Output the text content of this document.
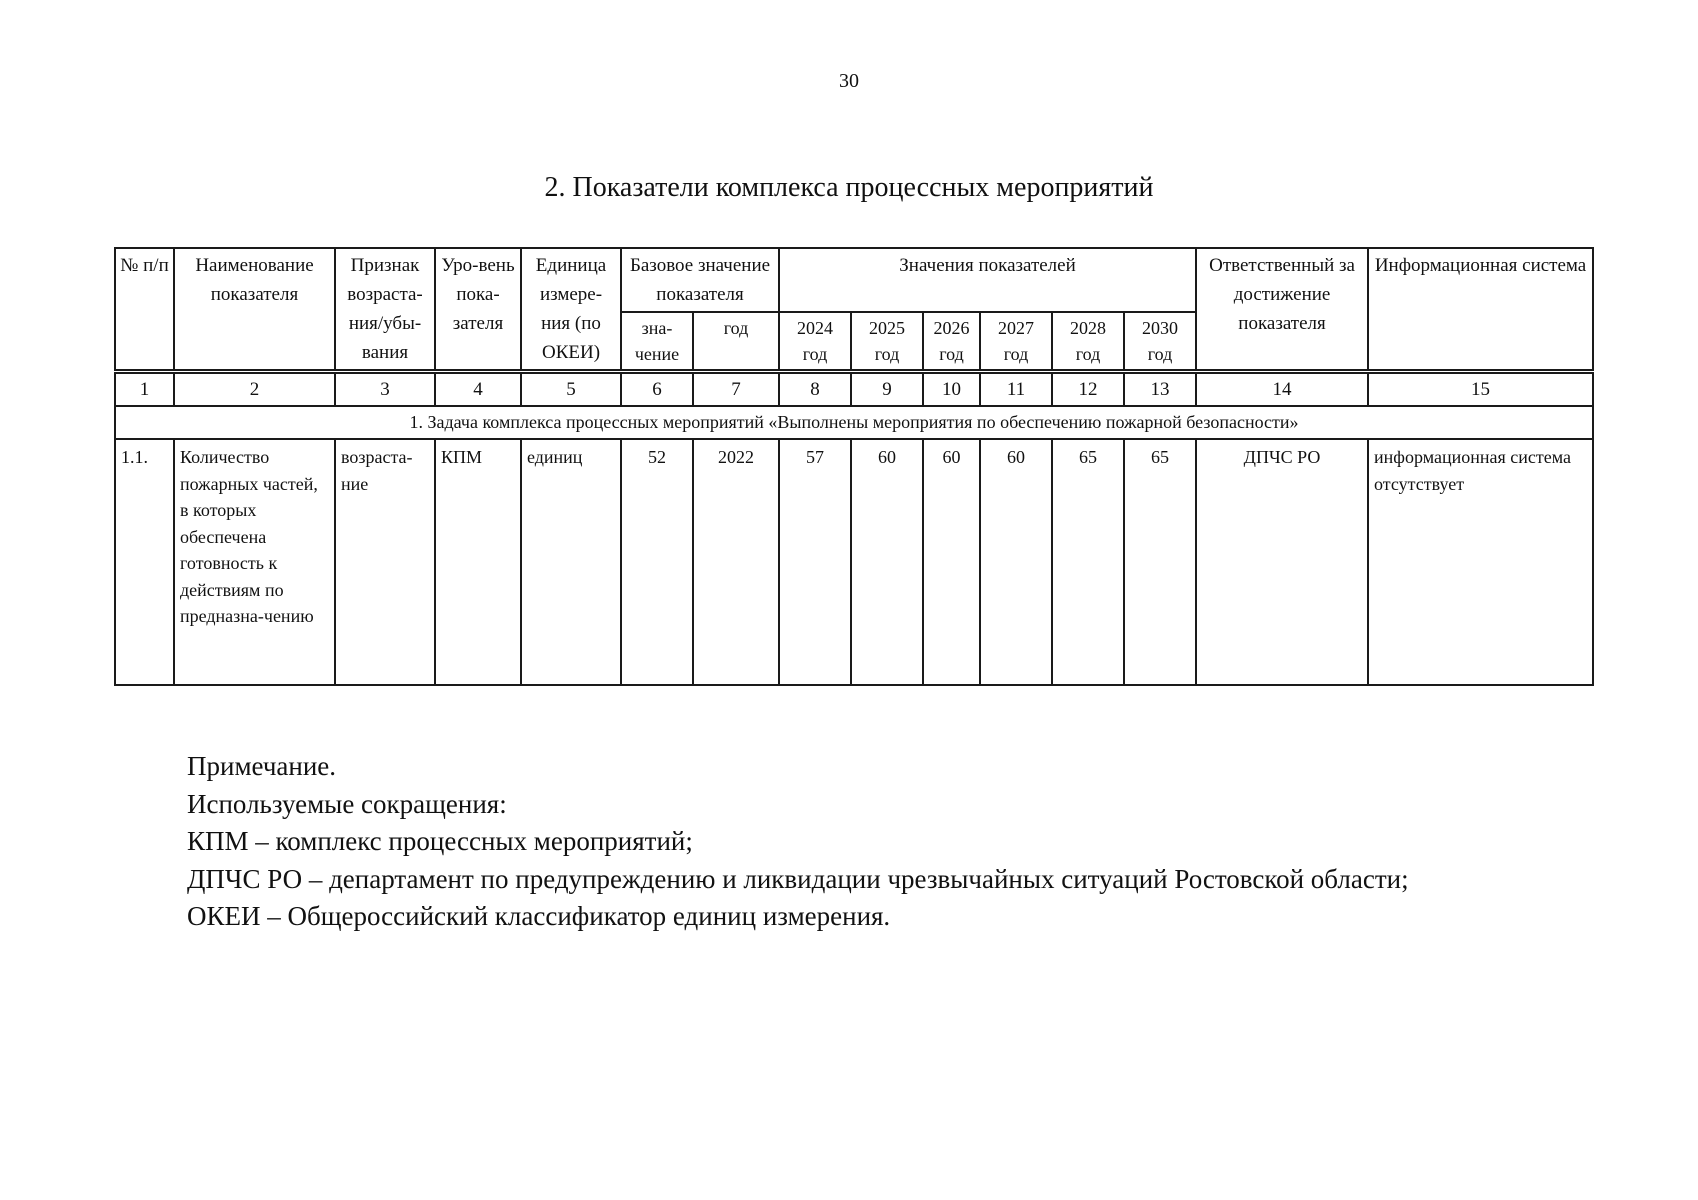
30
2. Показатели комплекса процессных мероприятий
№ п/п	Наименование показателя	Признак возраста-ния/убы-вания	Уро-вень пока-зателя	Единица измере-ния (по ОКЕИ)	Базовое значение показателя		Значения показателей						Ответственный за достижение показателя	Информационная система
					зна-чение	год	2024 год	2025 год	2026 год	2027 год	2028 год	2030 год		
1	2	3	4	5	6	7	8	9	10	11	12	13	14	15
1. Задача комплекса процессных мероприятий «Выполнены мероприятия по обеспечению пожарной безопасности»														
1.1.	Количество пожарных частей, в которых обеспечена готовность к действиям по предназна-чению	возраста-ние	КПМ	единиц	52	2022	57	60	60	60	65	65	ДПЧС РО	информационная система отсутствует
Примечание.
Используемые сокращения:
КПМ – комплекс процессных мероприятий;
ДПЧС РО – департамент по предупреждению и ликвидации чрезвычайных ситуаций Ростовской области;
ОКЕИ – Общероссийский классификатор единиц измерения.
